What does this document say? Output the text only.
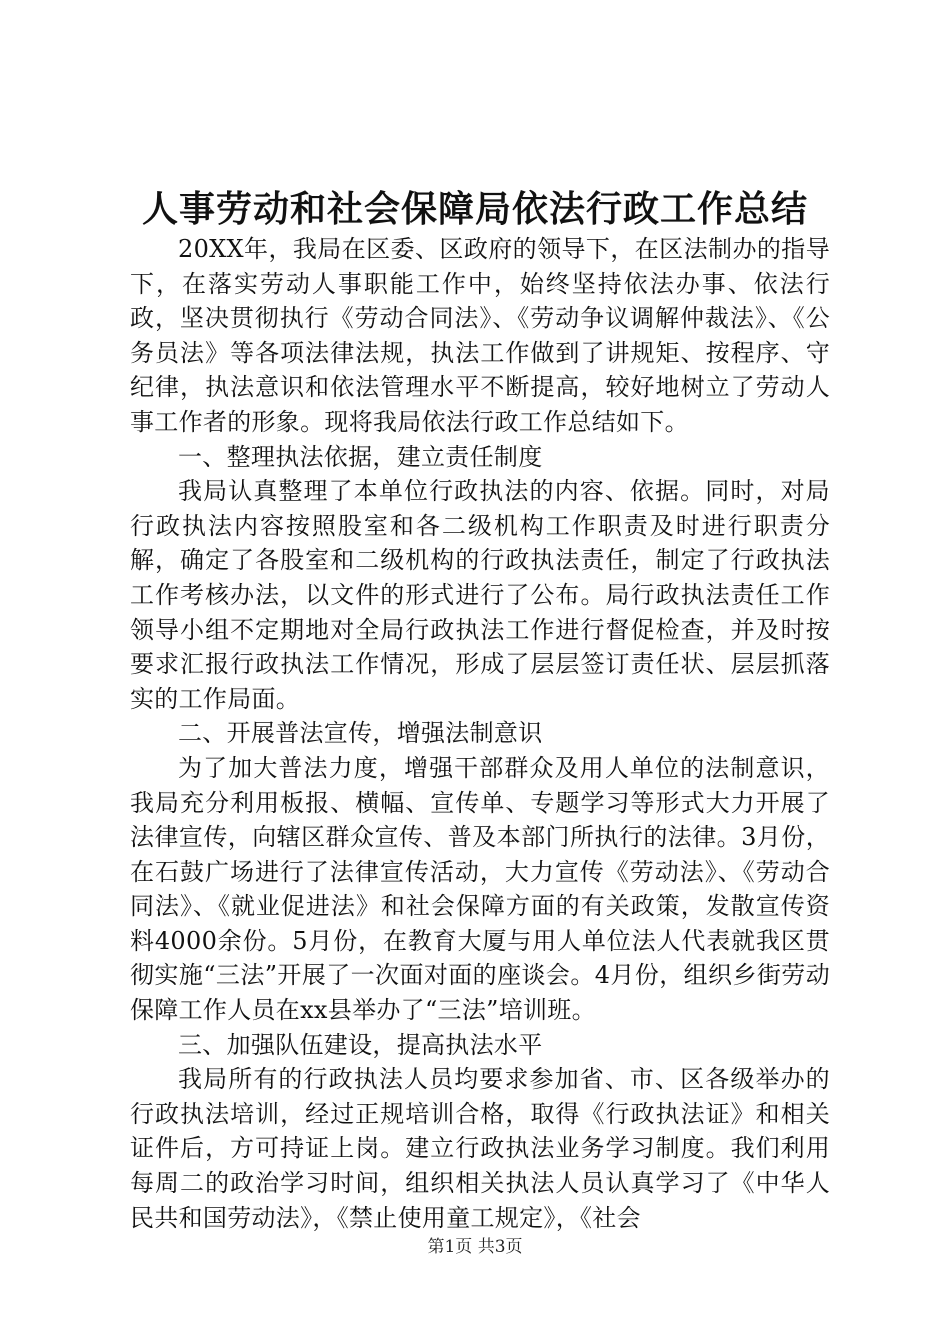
人事劳动和社会保障局依法行政工作总结

20XX年，我局在区委、区政府的领导下，在区法制办的指导下，在落实劳动人事职能工作中，始终坚持依法办事、依法行政，坚决贯彻执行《劳动合同法》、《劳动争议调解仲裁法》、《公务员法》等各项法律法规，执法工作做到了讲规矩、按程序、守纪律，执法意识和依法管理水平不断提高，较好地树立了劳动人事工作者的形象。现将我局依法行政工作总结如下。

一、整理执法依据，建立责任制度

我局认真整理了本单位行政执法的内容、依据。同时，对局行政执法内容按照股室和各二级机构工作职责及时进行职责分解，确定了各股室和二级机构的行政执法责任，制定了行政执法工作考核办法，以文件的形式进行了公布。局行政执法责任工作领导小组不定期地对全局行政执法工作进行督促检查，并及时按要求汇报行政执法工作情况，形成了层层签订责任状、层层抓落实的工作局面。

二、开展普法宣传，增强法制意识

为了加大普法力度，增强干部群众及用人单位的法制意识，我局充分利用板报、横幅、宣传单、专题学习等形式大力开展了法律宣传，向辖区群众宣传、普及本部门所执行的法律。3月份，在石鼓广场进行了法律宣传活动，大力宣传《劳动法》、《劳动合同法》、《就业促进法》和社会保障方面的有关政策，发散宣传资料4000余份。5月份，在教育大厦与用人单位法人代表就我区贯彻实施“三法”开展了一次面对面的座谈会。4月份，组织乡街劳动保障工作人员在xx县举办了“三法”培训班。

三、加强队伍建设，提高执法水平

我局所有的行政执法人员均要求参加省、市、区各级举办的行政执法培训，经过正规培训合格，取得《行政执法证》和相关证件后，方可持证上岗。建立行政执法业务学习制度。我们利用每周二的政治学习时间，组织相关执法人员认真学习了《中华人民共和国劳动法》，《禁止使用童工规定》，《社会

第1页 共3页
